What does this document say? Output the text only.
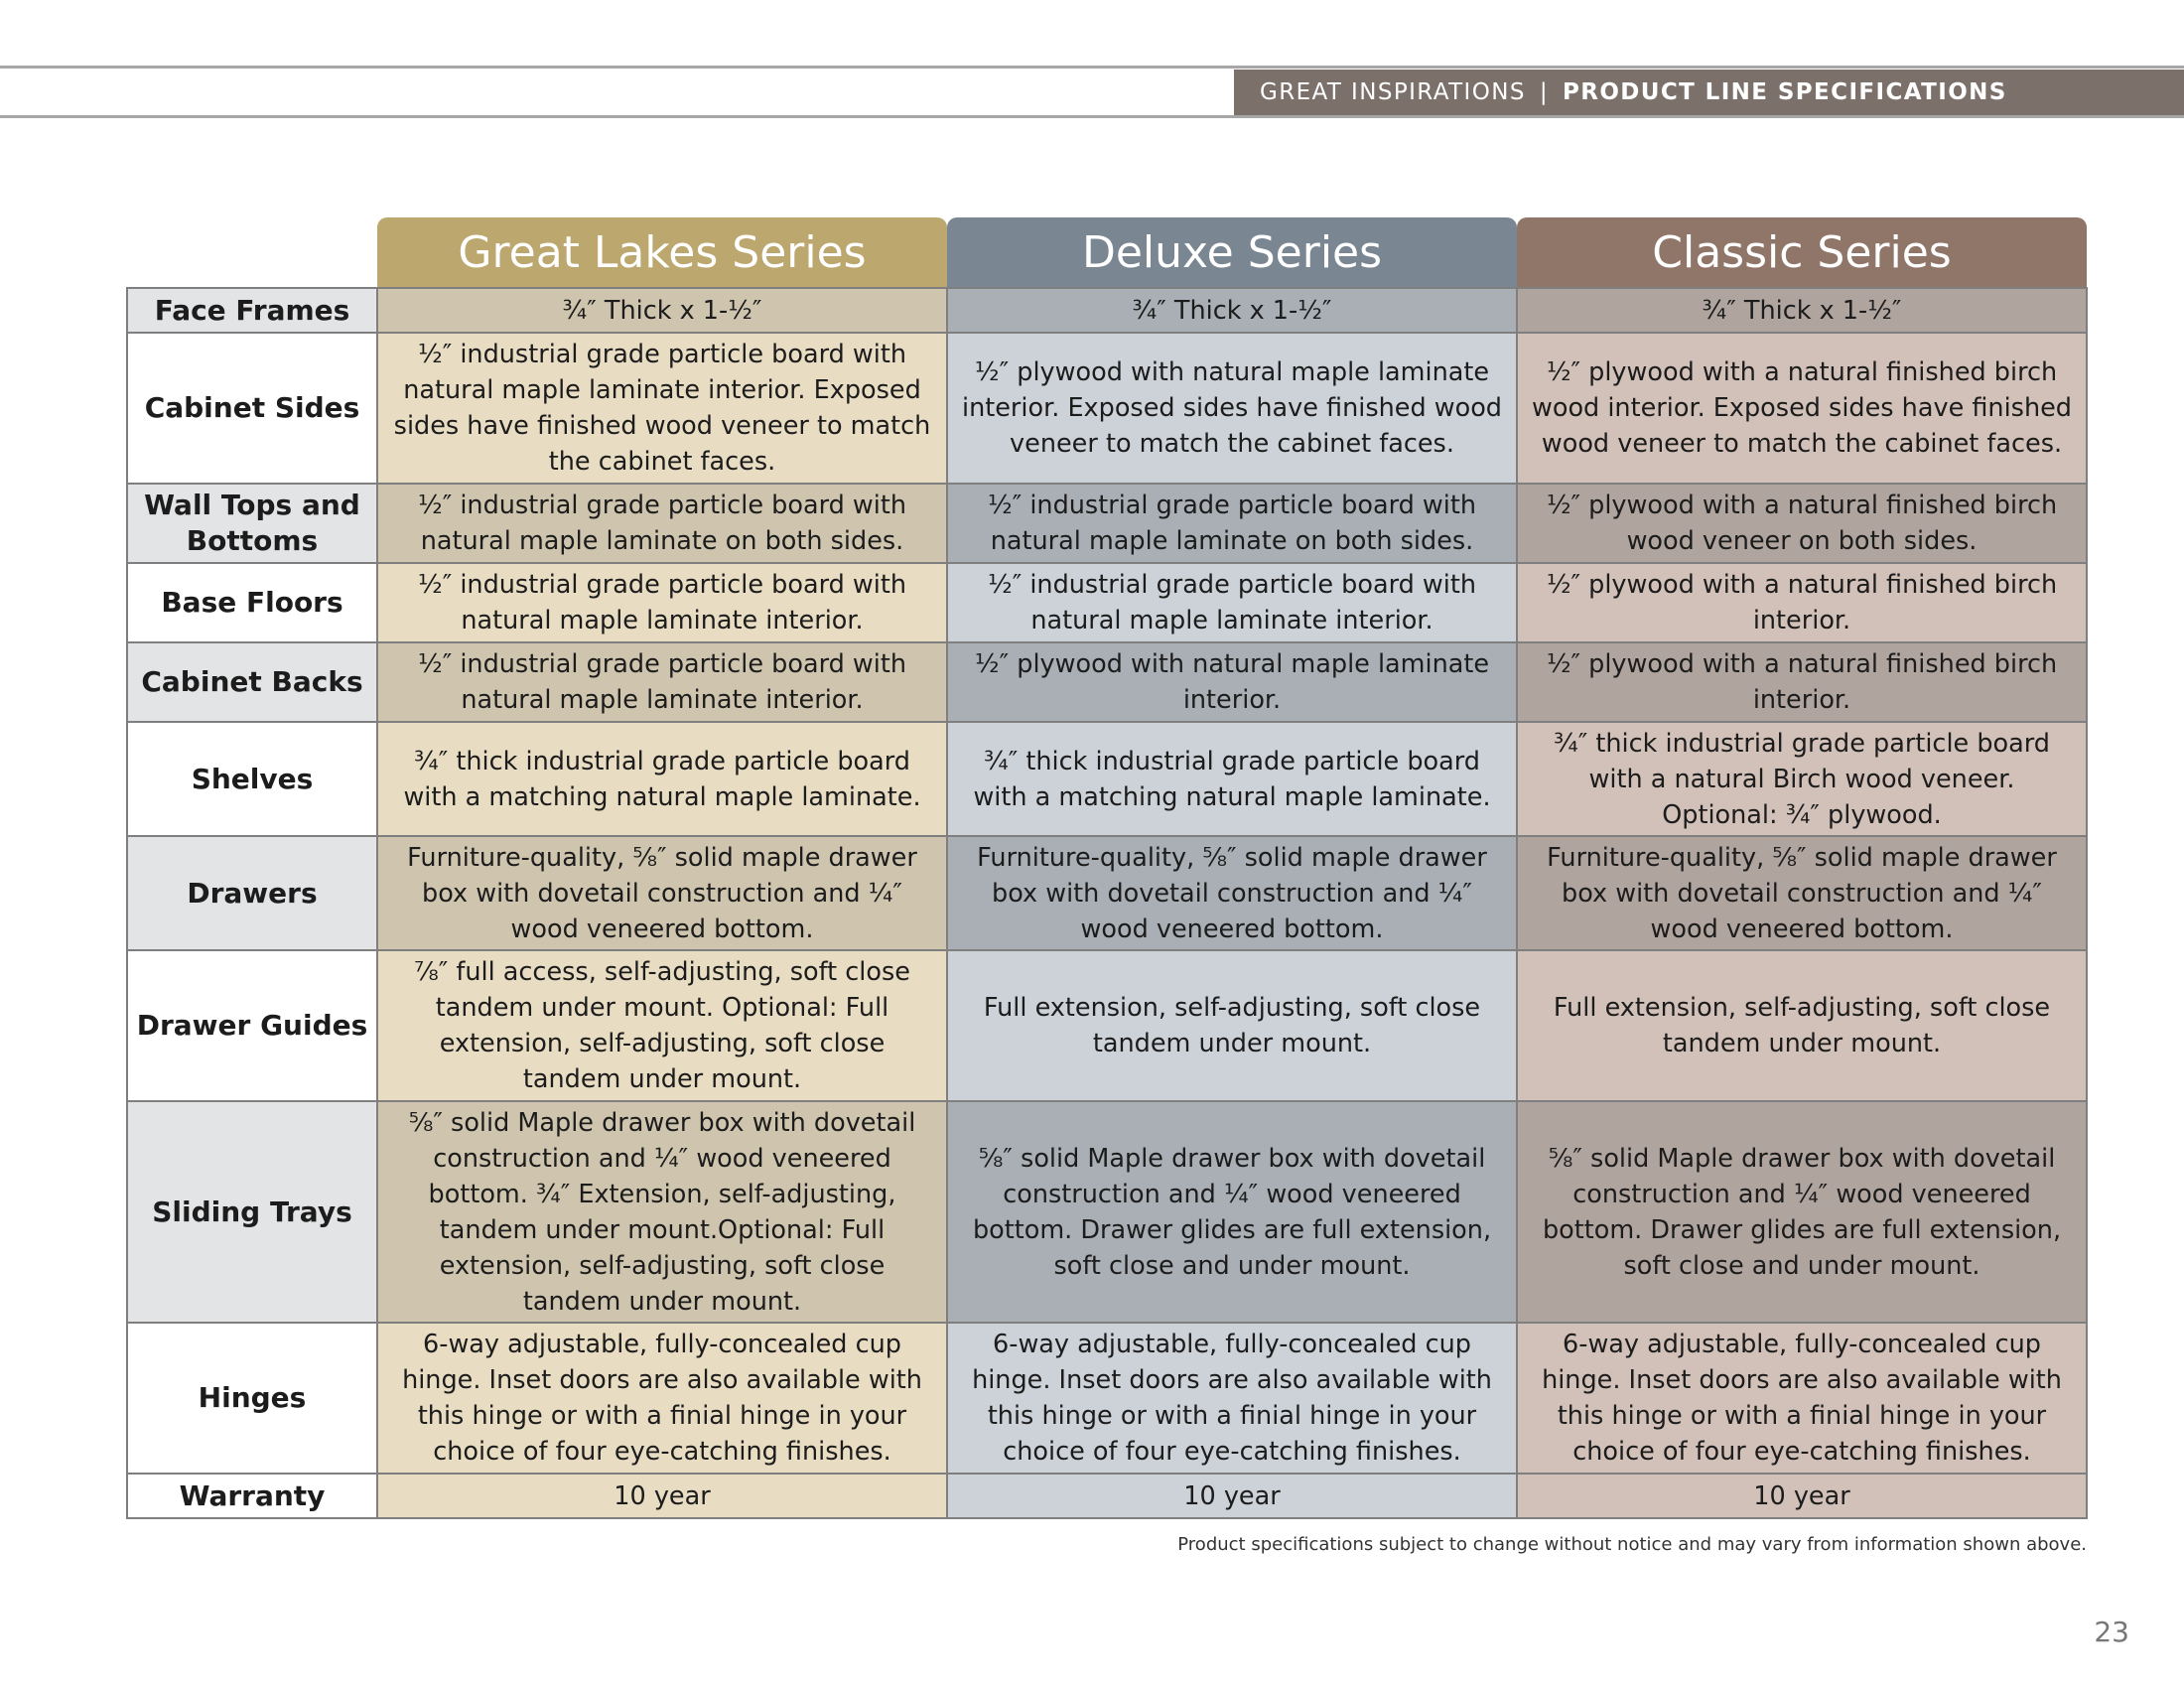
GREAT INSPIRATIONS | PRODUCT LINE SPECIFICATIONS
	Great Lakes Series	Deluxe Series	Classic Series
Face Frames	¾″ Thick x 1-½″	¾″ Thick x 1-½″	¾″ Thick x 1-½″
Cabinet Sides	½″ industrial grade particle board with natural maple laminate interior. Exposed sides have finished wood veneer to match the cabinet faces.	½″ plywood with natural maple laminate interior. Exposed sides have finished wood veneer to match the cabinet faces.	½″ plywood with a natural finished birch wood interior. Exposed sides have finished wood veneer to match the cabinet faces.
Wall Tops and Bottoms	½″ industrial grade particle board with natural maple laminate on both sides.	½″ industrial grade particle board with natural maple laminate on both sides.	½″ plywood with a natural finished birch wood veneer on both sides.
Base Floors	½″ industrial grade particle board with natural maple laminate interior.	½″ industrial grade particle board with natural maple laminate interior.	½″ plywood with a natural finished birch interior.
Cabinet Backs	½″ industrial grade particle board with natural maple laminate interior.	½″ plywood with natural maple laminate interior.	½″ plywood with a natural finished birch interior.
Shelves	¾″ thick industrial grade particle board with a matching natural maple laminate.	¾″ thick industrial grade particle board with a matching natural maple laminate.	¾″ thick industrial grade particle board with a natural Birch wood veneer. Optional: ¾″ plywood.
Drawers	Furniture-quality, ⁵⁄₈″ solid maple drawer box with dovetail construction and ¼″ wood veneered bottom.	Furniture-quality, ⁵⁄₈″ solid maple drawer box with dovetail construction and ¼″ wood veneered bottom.	Furniture-quality, ⁵⁄₈″ solid maple drawer box with dovetail construction and ¼″ wood veneered bottom.
Drawer Guides	⁷⁄₈″ full access, self-adjusting, soft close tandem under mount. Optional: Full extension, self-adjusting, soft close tandem under mount.	Full extension, self-adjusting, soft close tandem under mount.	Full extension, self-adjusting, soft close tandem under mount.
Sliding Trays	⁵⁄₈″ solid Maple drawer box with dovetail construction and ¼″ wood veneered bottom. ¾″ Extension, self-adjusting, tandem under mount.Optional: Full extension, self-adjusting, soft close tandem under mount.	⁵⁄₈″ solid Maple drawer box with dovetail construction and ¼″ wood veneered bottom. Drawer glides are full extension, soft close and under mount.	⁵⁄₈″ solid Maple drawer box with dovetail construction and ¼″ wood veneered bottom. Drawer glides are full extension, soft close and under mount.
Hinges	6-way adjustable, fully-concealed cup hinge. Inset doors are also available with this hinge or with a finial hinge in your choice of four eye-catching finishes.	6-way adjustable, fully-concealed cup hinge. Inset doors are also available with this hinge or with a finial hinge in your choice of four eye-catching finishes.	6-way adjustable, fully-concealed cup hinge. Inset doors are also available with this hinge or with a finial hinge in your choice of four eye-catching finishes.
Warranty	10 year	10 year	10 year
Product specifications subject to change without notice and may vary from information shown above.
23
